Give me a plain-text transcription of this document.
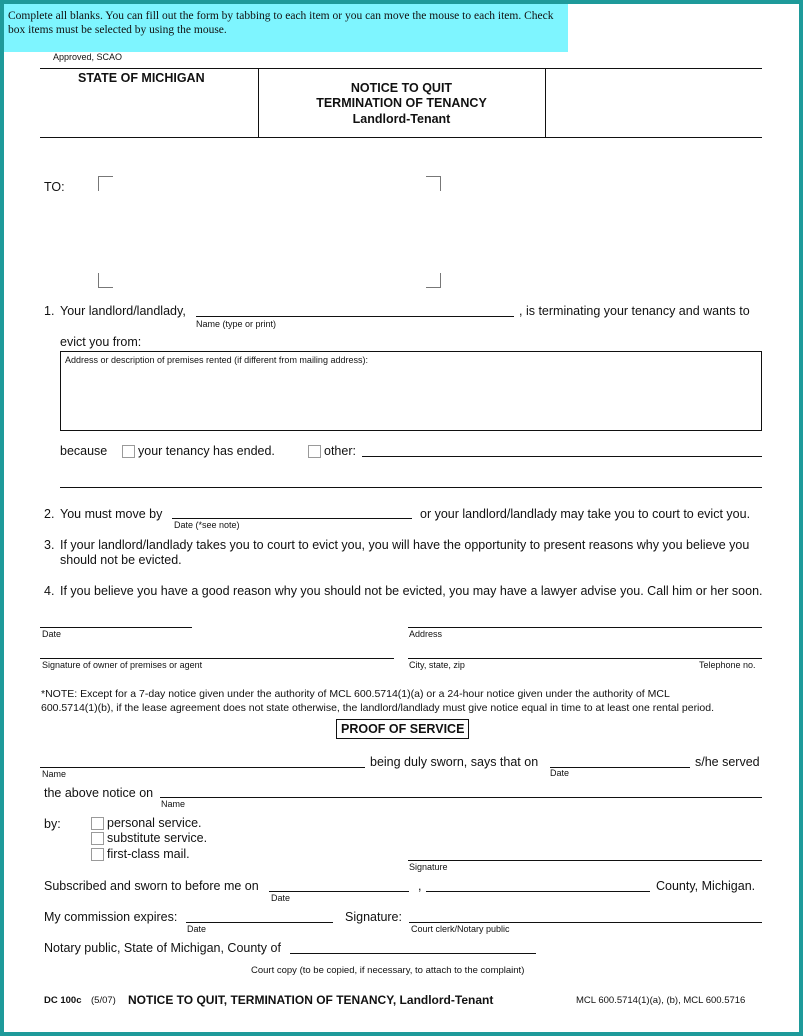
Complete all blanks. You can fill out the form by tabbing to each item or you can move the mouse to each item. Check box items must be selected by using the mouse.
Approved, SCAO
STATE OF MICHIGAN
NOTICE TO QUIT
TERMINATION OF TENANCY
Landlord-Tenant
TO:
1. Your landlord/landlady,
Name (type or print)
, is terminating your tenancy and wants to
evict you from:
Address or description of premises rented (if different from mailing address):
because your tenancy has ended.	other:
2. You must move by
Date (*see note)
or your landlord/landlady may take you to court to evict you.
3. If your landlord/landlady takes you to court to evict you, you will have the opportunity to present reasons why you believe you
should not be evicted.
4. If you believe you have a good reason why you should not be evicted, you may have a lawyer advise you. Call him or her soon.
Date	Address
Signature of owner of premises or agent	City, state, zip	Telephone no.
*NOTE: Except for a 7-day notice given under the authority of MCL 600.5714(1)(a) or a 24-hour notice given under the authority of MCL
600.5714(1)(b), if the lease agreement does not state otherwise, the landlord/landlady must give notice equal in time to at least one rental period.
PROOF OF SERVICE
Name
being duly sworn, says that on
Date
s/he served
the above notice on
Name
by:	personal service.
substitute service.
first-class mail.
Signature
Subscribed and sworn to before me on
Date
,	County, Michigan.
My commission expires:
Date
Signature:
Court clerk/Notary public
Notary public, State of Michigan, County of
Court copy (to be copied, if necessary, to attach to the complaint)
DC 100c (5/07) NOTICE TO QUIT, TERMINATION OF TENANCY, Landlord-Tenant	MCL 600.5714(1)(a), (b), MCL 600.5716
